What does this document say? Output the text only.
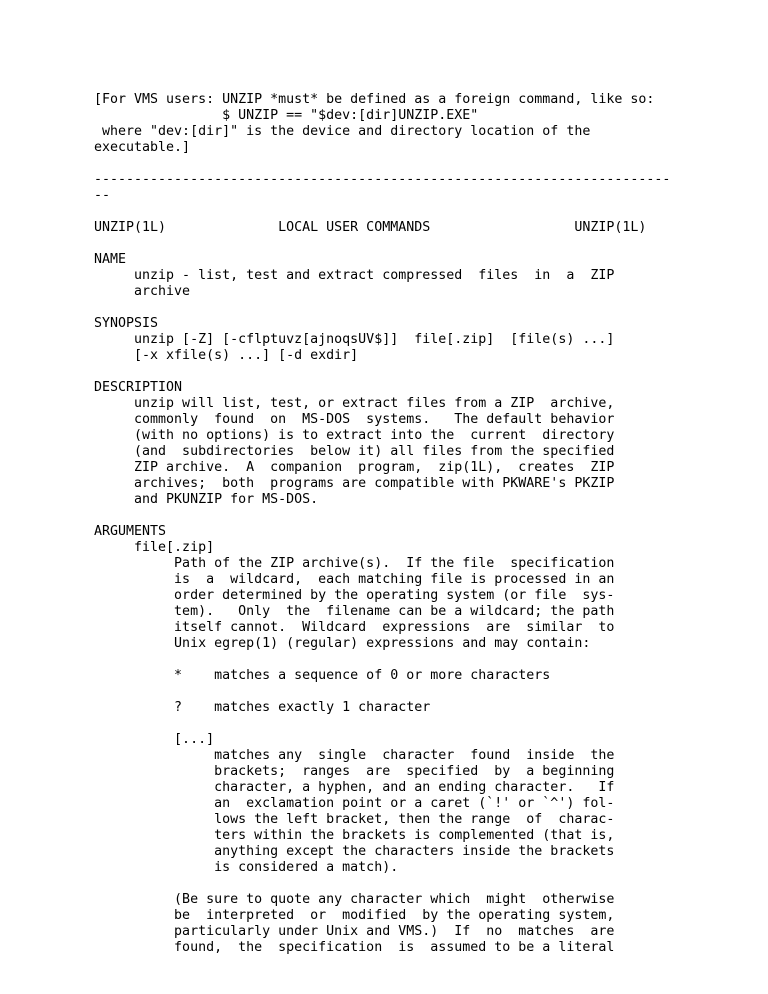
[For VMS users: UNZIP *must* be defined as a foreign command, like so:
$ UNZIP == "$dev:[dir]UNZIP.EXE"
where "dev:[dir]" is the device and directory location of the
executable.]
------------------------------------------------------------------------
--
UNZIP(1L)              LOCAL USER COMMANDS                  UNZIP(1L)
NAME
unzip - list, test and extract compressed  files  in  a  ZIP
archive
SYNOPSIS
unzip [-Z] [-cflptuvz[ajnoqsUV$]]  file[.zip]  [file(s) ...]
[-x xfile(s) ...] [-d exdir]
DESCRIPTION
unzip will list, test, or extract files from a ZIP  archive,
commonly  found  on  MS-DOS  systems.   The default behavior
(with no options) is to extract into the  current  directory
(and  subdirectories  below it) all files from the specified
ZIP archive.  A  companion  program,  zip(1L),  creates  ZIP
archives;  both  programs are compatible with PKWARE's PKZIP
and PKUNZIP for MS-DOS.
ARGUMENTS
file[.zip]
Path of the ZIP archive(s).  If the file  specification
is  a  wildcard,  each matching file is processed in an
order determined by the operating system (or file  sys-
tem).   Only  the  filename can be a wildcard; the path
itself cannot.  Wildcard  expressions  are  similar  to
Unix egrep(1) (regular) expressions and may contain:
*    matches a sequence of 0 or more characters
?    matches exactly 1 character
[...]
matches any  single  character  found  inside  the
brackets;  ranges  are  specified  by  a beginning
character, a hyphen, and an ending character.   If
an  exclamation point or a caret (`!' or `^') fol-
lows the left bracket, then the range  of  charac-
ters within the brackets is complemented (that is,
anything except the characters inside the brackets
is considered a match).
(Be sure to quote any character which  might  otherwise
be  interpreted  or  modified  by the operating system,
particularly under Unix and VMS.)  If  no  matches  are
found,  the  specification  is  assumed to be a literal
